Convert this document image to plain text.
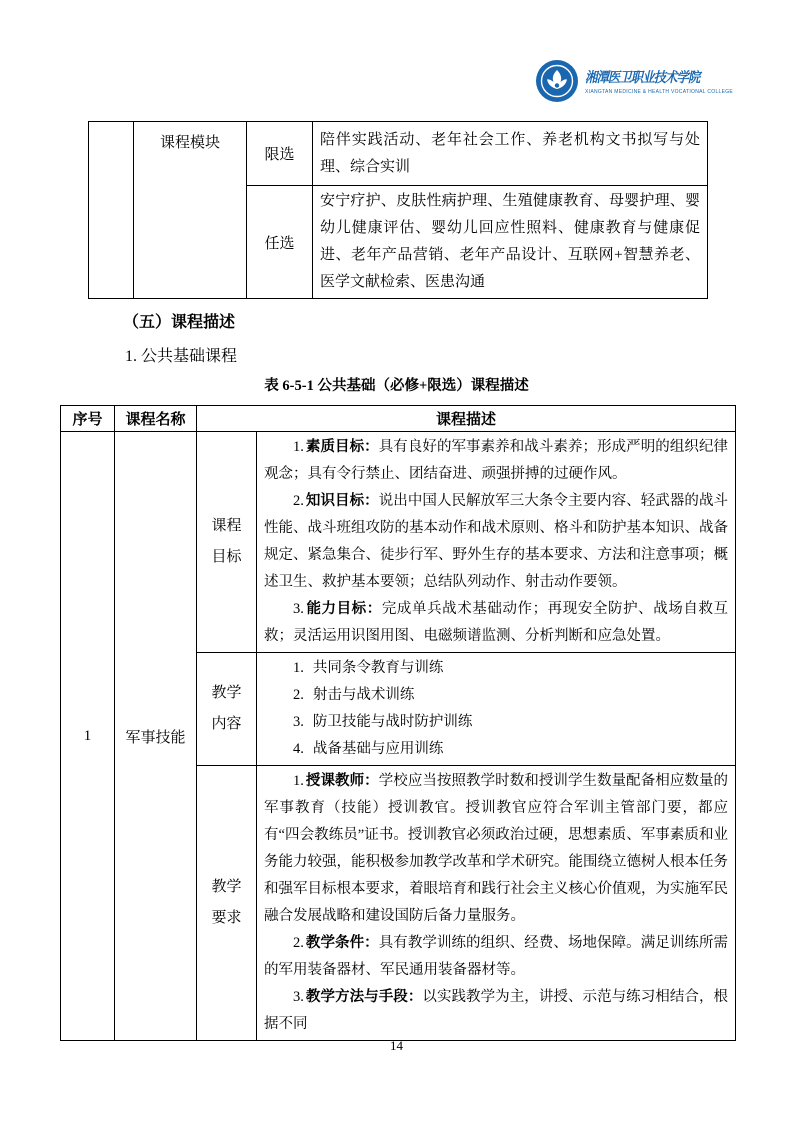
湘潭医卫职业技术学院
XIANGTAN MEDICINE & HEALTH VOCATIONAL COLLEGE
	课程模块	限选	陪伴实践活动、老年社会工作、养老机构文书拟写与处理、综合实训
		任选	安宁疗护、皮肤性病护理、生殖健康教育、母婴护理、婴幼儿健康评估、婴幼儿回应性照料、健康教育与健康促进、老年产品营销、老年产品设计、互联网+智慧养老、医学文献检索、医患沟通
（五）课程描述
1. 公共基础课程
表 6-5-1 公共基础（必修+限选）课程描述
序号	课程名称	课程描述	
1	军事技能	课程目标	1. 素质目标：具有良好的军事素养和战斗素养；形成严明的组织纪律观念；具有令行禁止、团结奋进、顽强拼搏的过硬作风。

2. 知识目标：说出中国人民解放军三大条令主要内容、轻武器的战斗性能、战斗班组攻防的基本动作和战术原则、格斗和防护基本知识、战备规定、紧急集合、徒步行军、野外生存的基本要求、方法和注意事项；概述卫生、救护基本要领；总结队列动作、射击动作要领。

3. 能力目标：完成单兵战术基础动作；再现安全防护、战场自救互救；灵活运用识图用图、电磁频谱监测、分析判断和应急处置。

		教学内容	1. 共同条令教育与训练

2. 射击与战术训练

3. 防卫技能与战时防护训练

4. 战备基础与应用训练

		教学要求	1. 授课教师：学校应当按照教学时数和授训学生数量配备相应数量的军事教育（技能）授训教官。授训教官应符合军训主管部门要，都应有“四会教练员”证书。授训教官必须政治过硬，思想素质、军事素质和业务能力较强，能积极参加教学改革和学术研究。能围绕立德树人根本任务和强军目标根本要求，着眼培育和践行社会主义核心价值观，为实施军民融合发展战略和建设国防后备力量服务。

2. 教学条件：具有教学训练的组织、经费、场地保障。满足训练所需的军用装备器材、军民通用装备器材等。

3. 教学方法与手段：以实践教学为主，讲授、示范与练习相结合，根据不同

14
